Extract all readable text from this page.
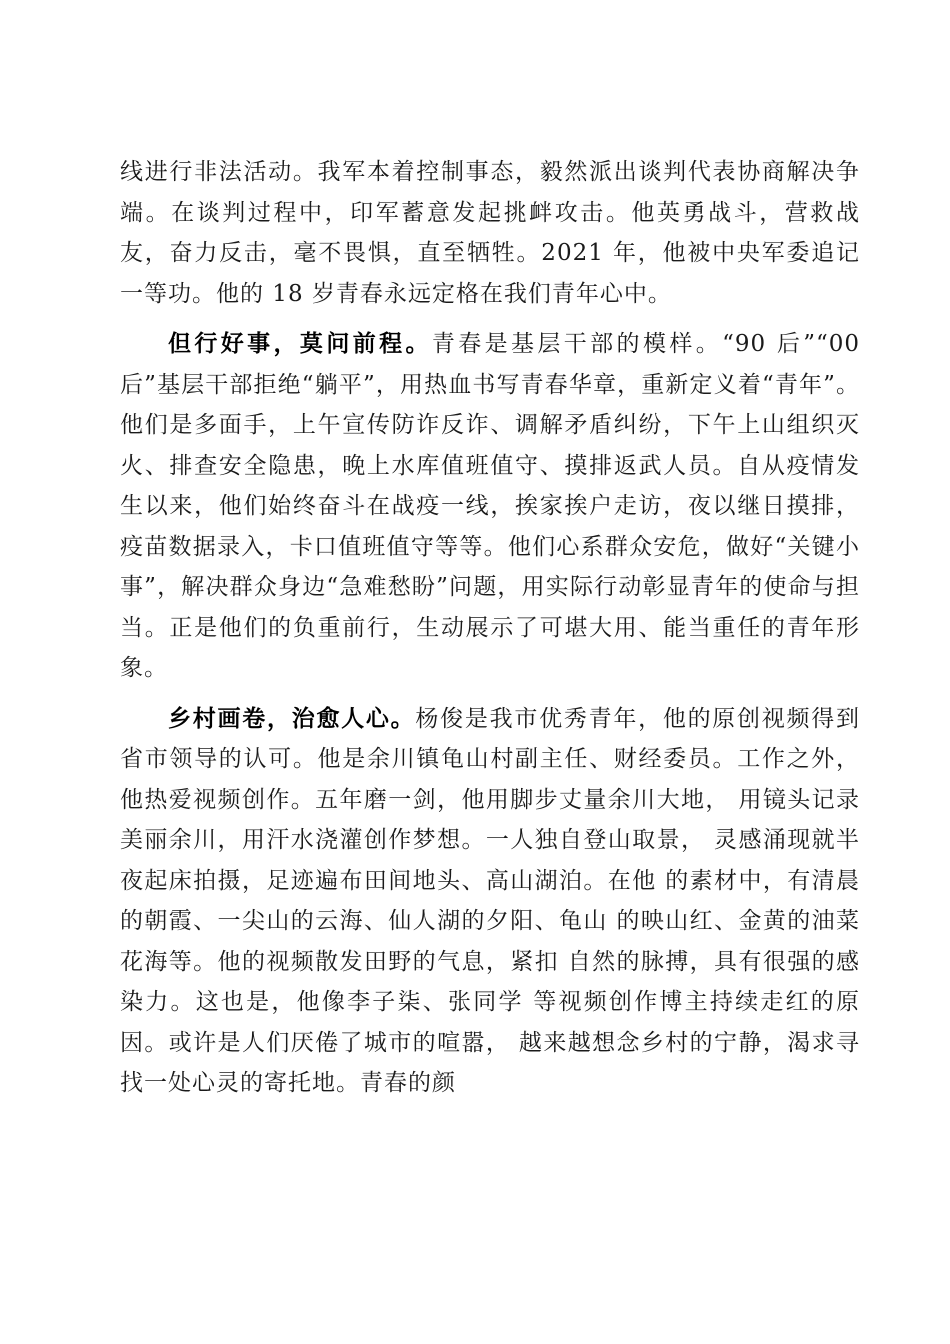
线进行非法活动。我军本着控制事态，毅然派出谈判代表协商解决争端。在谈判过程中，印军蓄意发起挑衅攻击。他英勇战斗，营救战友，奋力反击，毫不畏惧，直至牺牲。2021 年，他被中央军委追记一等功。他的 18 岁青春永远定格在我们青年心中。

但行好事，莫问前程。青春是基层干部的模样。“90 后”“00 后”基层干部拒绝“躺平”，用热血书写青春华章，重新定义着“青年”。他们是多面手，上午宣传防诈反诈、调解矛盾纠纷，下午上山组织灭火、排查安全隐患，晚上水库值班值守、摸排返武人员。自从疫情发生以来，他们始终奋斗在战疫一线，挨家挨户走访，夜以继日摸排，疫苗数据录入，卡口值班值守等等。他们心系群众安危，做好“关键小事”，解决群众身边“急难愁盼”问题，用实际行动彰显青年的使命与担当。正是他们的负重前行，生动展示了可堪大用、能当重任的青年形象。

乡村画卷，治愈人心。杨俊是我市优秀青年，他的原创视频得到省市领导的认可。他是余川镇龟山村副主任、财经委员。工作之外，他热爱视频创作。五年磨一剑，他用脚步丈量余川大地， 用镜头记录美丽余川，用汗水浇灌创作梦想。一人独自登山取景， 灵感涌现就半夜起床拍摄，足迹遍布田间地头、高山湖泊。在他 的素材中，有清晨的朝霞、一尖山的云海、仙人湖的夕阳、龟山 的映山红、金黄的油菜花海等。他的视频散发田野的气息，紧扣 自然的脉搏，具有很强的感染力。这也是，他像李子柒、张同学 等视频创作博主持续走红的原因。或许是人们厌倦了城市的喧嚣， 越来越想念乡村的宁静，渴求寻找一处心灵的寄托地。青春的颜
